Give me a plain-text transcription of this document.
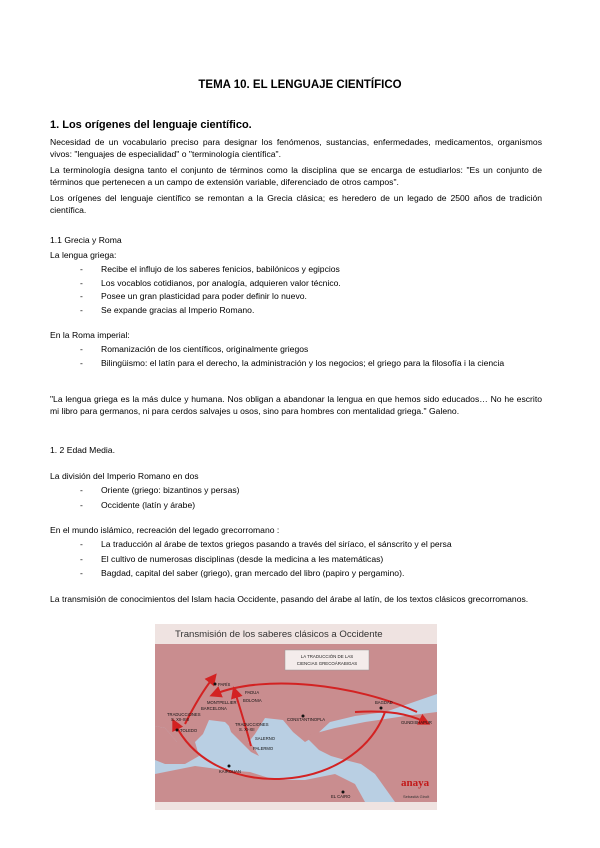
TEMA 10. EL LENGUAJE CIENTÍFICO
1. Los orígenes del lenguaje científico.
Necesidad de un vocabulario preciso para designar los fenómenos, sustancias, enfermedades, medicamentos, organismos vivos: "lenguajes de especialidad" o "terminología científica".
La terminología designa tanto el conjunto de términos como la disciplina que se encarga de estudiarlos: "Es un conjunto de términos que pertenecen a un campo de extensión variable, diferenciado de otros campos".
Los orígenes del lenguaje científico se remontan a la Grecia clásica; es heredero de un legado de 2500 años de tradición científica.
1.1 Grecia y Roma
La lengua griega:
- Recibe el influjo de los saberes fenicios, babilónicos y egipcios
- Los vocablos cotidianos, por analogía, adquieren valor técnico.
- Posee un gran plasticidad para poder definir lo nuevo.
- Se expande gracias al Imperio Romano.
En la Roma imperial:
- Romanización de los científicos, originalmente griegos
- Bilingüismo: el latín para el derecho, la administración y los negocios; el griego para la filosofía i la ciencia
"La lengua griega es la más dulce y humana. Nos obligan a abandonar la lengua en que hemos sido educados… No he escrito mi libro para germanos, ni para cerdos salvajes u osos, sino para hombres con mentalidad griega." Galeno.
1. 2 Edad Media.
La división del Imperio Romano en dos
- Oriente (griego: bizantinos y persas)
- Occidente (latín y árabe)
En el mundo islámico, recreación del legado grecorromano :
- La traducción al árabe de textos griegos pasando a través del siríaco, el sánscrito y el persa
- El cultivo de numerosas disciplinas (desde la medicina a les matemáticas)
- Bagdad, capital del saber (griego), gran mercado del libro (papiro y pergamino).
La transmisión de conocimientos del Islam hacia Occidente, pasando del árabe al latín, de los textos clásicos grecorromanos.
Transmisión de los saberes clásicos a Occidente
LA TRADUCCIÓN DE LAS
CIENCIAS GRECOÁRABIGAS
PARÍS
TRADUCCIONES
S. XII-XIII
TOLEDO
BARCELONA
MONTPELLIER
PADUA
BOLONIA
TRADUCCIONES
S. XI-XII
SALERNO
PALERMO
CONSTANTINOPLA
BAGDAD
GUNDISHAPUR
KAIROUAN
EL CAIRO
anaya
Sebastià Girolt
